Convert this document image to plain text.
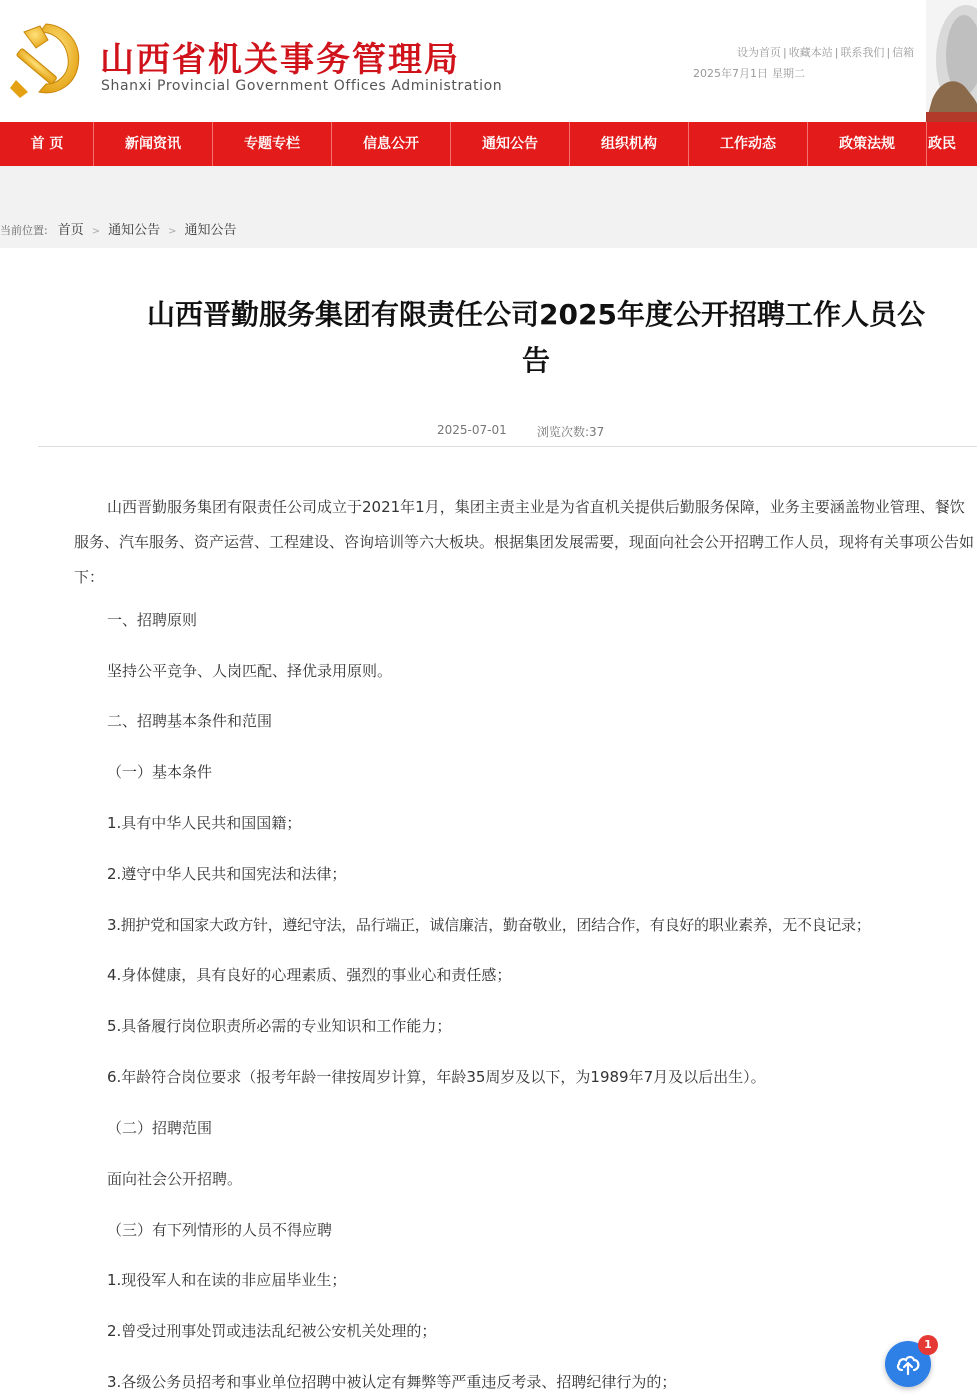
山西省机关事务管理局
Shanxi Provincial Government Offices Administration
设为首页 | 收藏本站 | 联系我们 | 信箱
2025年7月1日 星期二
首 页	新闻资讯	专题专栏	信息公开	通知公告	组织机构	工作动态	政策法规	政民
当前位置: 首页 > 通知公告 > 通知公告
山西晋勤服务集团有限责任公司2025年度公开招聘工作人员公
告
2025-07-01	浏览次数:37
山西晋勤服务集团有限责任公司成立于2021年1月，集团主责主业是为省直机关提供后勤服务保障，业务主要涵盖物业管理、餐饮服务、汽车服务、资产运营、工程建设、咨询培训等六大板块。根据集团发展需要，现面向社会公开招聘工作人员，现将有关事项公告如下：
一、招聘原则
坚持公平竞争、人岗匹配、择优录用原则。
二、招聘基本条件和范围
（一）基本条件
1.具有中华人民共和国国籍；
2.遵守中华人民共和国宪法和法律；
3.拥护党和国家大政方针，遵纪守法，品行端正，诚信廉洁，勤奋敬业，团结合作，有良好的职业素养，无不良记录；
4.身体健康，具有良好的心理素质、强烈的事业心和责任感；
5.具备履行岗位职责所必需的专业知识和工作能力；
6.年龄符合岗位要求（报考年龄一律按周岁计算，年龄35周岁及以下，为1989年7月及以后出生）。
（二）招聘范围
面向社会公开招聘。
（三）有下列情形的人员不得应聘
1.现役军人和在读的非应届毕业生；
2.曾受过刑事处罚或违法乱纪被公安机关处理的；
3.各级公务员招考和事业单位招聘中被认定有舞弊等严重违反考录、招聘纪律行为的；
1
